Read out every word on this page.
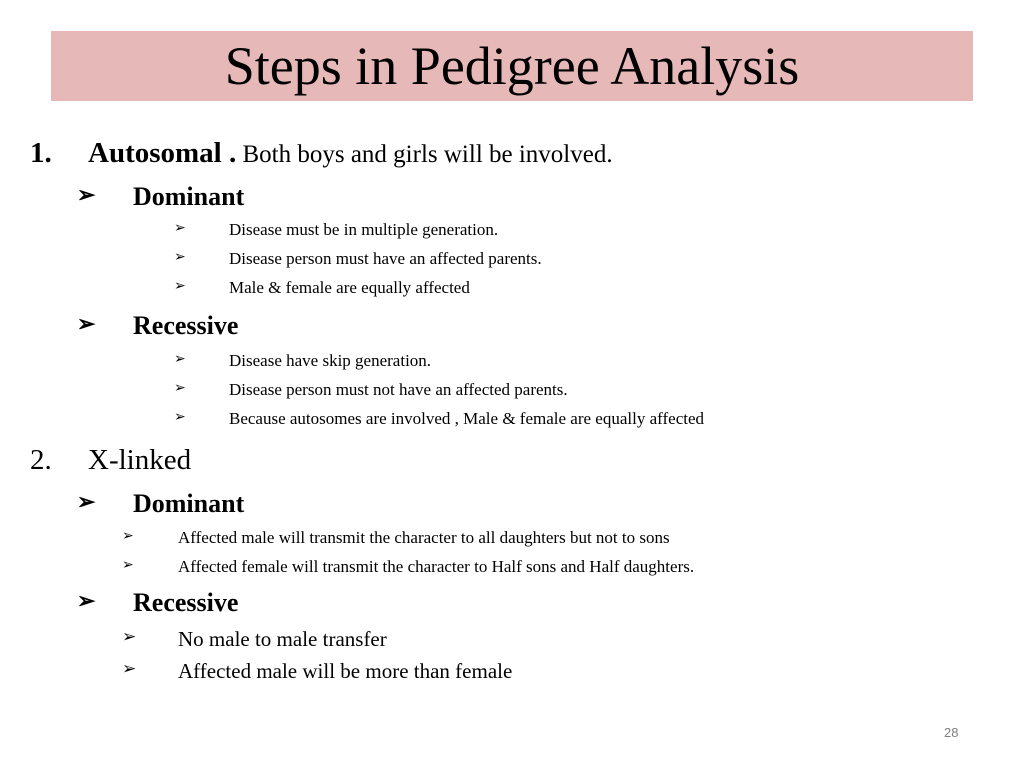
Steps in Pedigree Analysis
1. Autosomal . Both boys and girls will be involved.
➢ Dominant
➢	Disease must be in multiple generation.
➢	Disease person must have an affected parents.
➢	Male & female are equally affected
➢ Recessive
➢	Disease have skip generation.
➢	Disease person must not have an affected parents.
➢	Because autosomes are involved , Male & female are equally affected
2. X-linked
➢ Dominant
➢	Affected male will transmit the character to all daughters but not to sons
➢	Affected female will transmit the character to Half sons and Half daughters.
➢ Recessive
➢ No male to male transfer
➢ Affected male will be more than female
28
